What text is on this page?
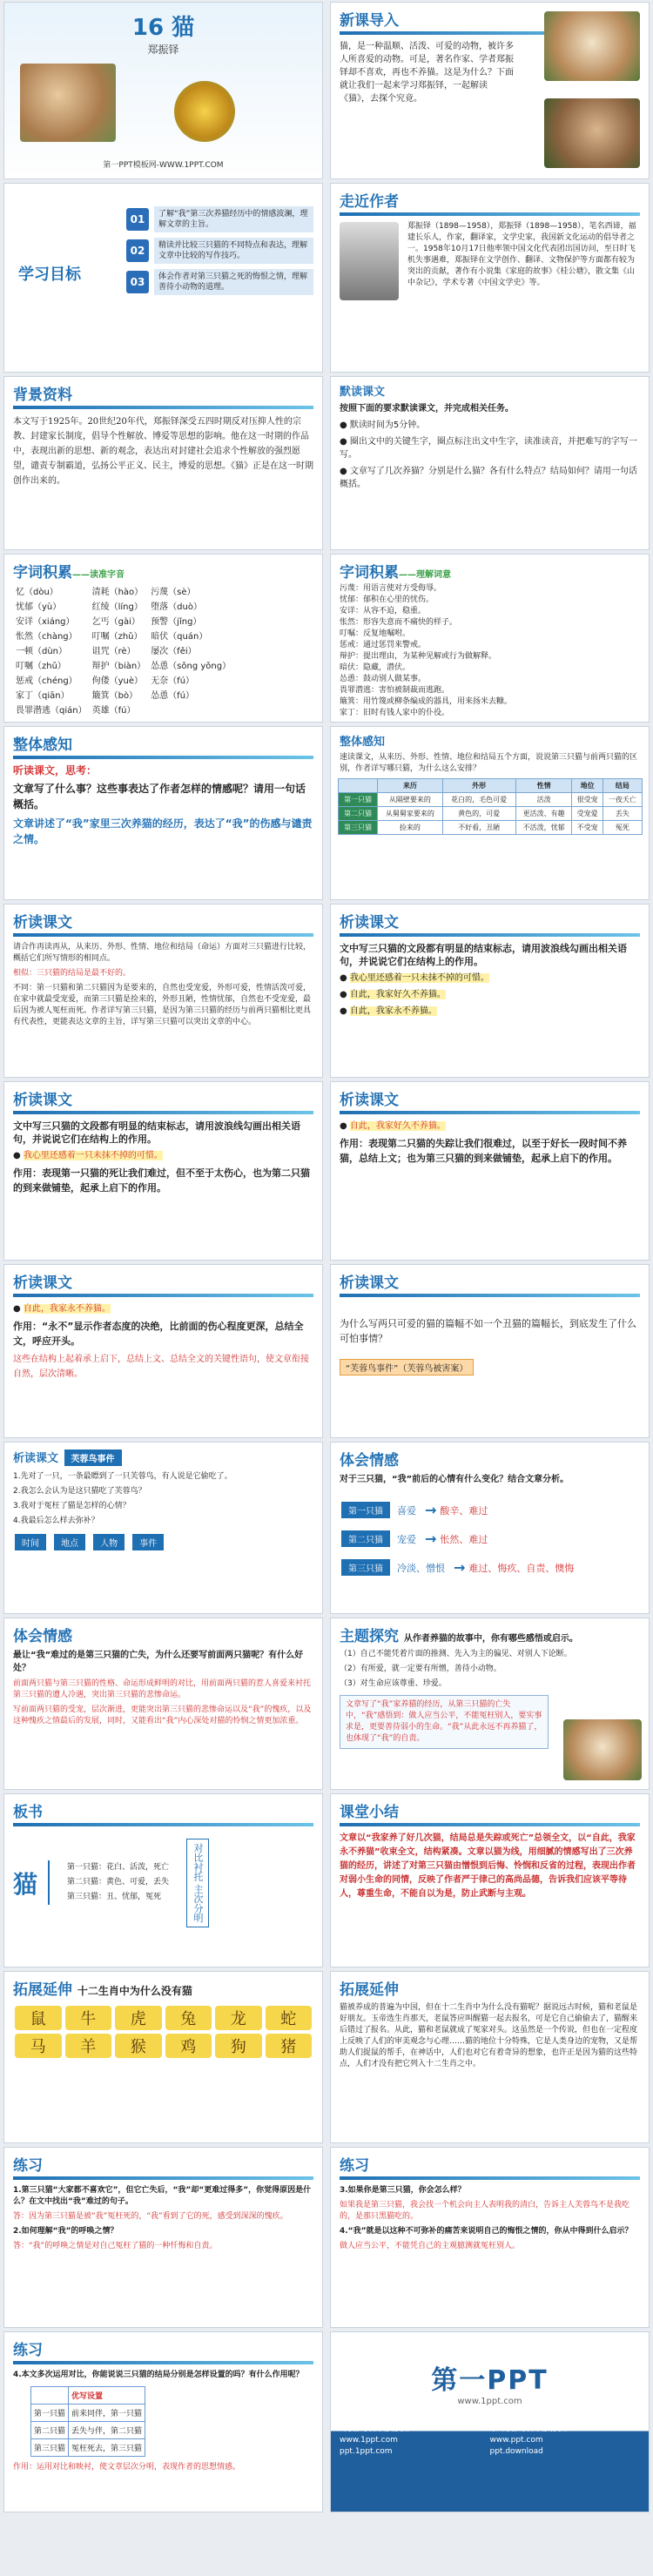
16 猫
郑振铎
第一PPT模板网-WWW.1PPT.COM
新课导入
猫，是一种温顺、活泼、可爱的动物，被许多人所喜爱的动物。可是，著名作家、学者郑振铎却不喜欢，再也不养猫。这是为什么？下面就让我们一起来学习郑振铎，一起解读《猫》，去探个究竟。
学习目标
01	了解“我”第三次养猫经历中的情感波澜，理解文章的主旨。
02	精读并比较三只猫的不同特点和表达，理解文章中比较的写作技巧。
03	体会作者对第三只猫之死的悔恨之情，理解善待小动物的道理。
走近作者
郑振铎（1898—1958），郑振铎（1898—1958），笔名西谛，福建长乐人，作家，翻译家，文学史家，我国新文化运动的倡导者之一。1958年10月17日他率领中国文化代表团出国访问，至日时飞机失事遇难，郑振铎在文学创作、翻译、文物保护等方面都有较为突出的贡献，著作有小说集《家庭的故事》《桂公塘》，散文集《山中杂记》，学术专著《中国文学史》等。
背景资料
本文写于1925年。20世纪20年代，郑振铎深受五四时期反对压抑人性的宗教、封建家长制度，倡导个性解放、博爱等思想的影响。他在这一时期的作品中，表现出新的思想、新的观念，表达出对封建社会追求个性解放的强烈愿望，谴责专制霸道，弘扬公平正义、民主，博爱的思想。《猫》正是在这一时期创作出来的。
默读课文
按照下面的要求默读课文，并完成相关任务。
● 默读时间为5分钟。
● 圈出文中的关键生字，圈点标注出文中生字，读准读音，并把难写的字写一写。
● 文章写了几次养猫？分别是什么猫？各有什么特点？结局如何？请用一句话概括。
字词积累——读准字音
忆（dòu）	清耗（hào）	污蔑（sè）
忧郁（yù）	红绫（líng）	堕落（duò）
安详（xiáng）	乞丐（gài）	预警（jǐng）
怅然（chàng）	叮嘱（zhǔ）	暗伏（quán）
一顿（dùn）	诅咒（rè）	屡次（fěi）
叮嘱（zhǔ）	辩护（biàn）	怂恿（sǒng yǒng）
惩戒（chéng）	佝偻（yuè）	无奈（fú）
家丁（qiān）	簸箕（bò）	怂恿（fú）
畏罪潜逃（qián）	英雄（fú）	
字词积累——理解词意
污蔑：用语言使对方受侮辱。
忧郁：郁积在心里的忧伤。
安详：从容不迫，稳重。
怅然：形容失意而不痛快的样子。
叮嘱：反复地嘱咐。
惩戒：通过惩罚来警戒。
辩护：提出理由，为某种见解或行为做解释。
暗伏：隐藏，潜伏。
怂恿：鼓动别人做某事。
畏罪潜逃：害怕被制裁而逃跑。
簸箕：用竹篾或柳条编成的器具，用来扬米去糠。
家丁：旧时有钱人家中的仆役。
整体感知
听读课文，思考：
文章写了什么事？这些事表达了作者怎样的情感呢？请用一句话概括。
文章讲述了“我”家里三次养猫的经历，表达了“我”的伤感与谴责之情。
整体感知
速读课文，从来历、外形、性情、地位和结局五个方面，说说第三只猫与前两只猫的区别，作者详写哪只猫，为什么这么安排？
	来历	外形	性情	地位	结局
第一只猫	从隔壁要来的	花白的，毛色可爱	活泼	很受宠	一夜夭亡
第二只猫	从舅舅家要来的	黄色的，可爱	更活泼、有趣	受宠爱	丢失
第三只猫	捡来的	不好看，丑陋	不活泼，忧郁	不受宠	冤死
析读课文
请合作再读再从，从来历、外形、性情、地位和结局（命运）方面对三只猫进行比较，概括它们所写情形的相同点。
相似：三只猫的结局是最不好的。
不同：第一只猫和第二只猫因为是要来的，自然也受宠爱，外形可爱，性情活泼可爱，在家中就最受宠爱，而第三只猫是捡来的，外形丑陋，性情忧郁，自然也不受宠爱，最后因为被人冤枉而死。作者详写第三只猫，是因为第三只猫的经历与前两只猫相比更具有代表性，更能表达文章的主旨，详写第三只猫可以突出文章的中心。
析读课文
文中写三只猫的文段都有明显的结束标志，请用波浪线勾画出相关语句，并说说它们在结构上的作用。
● 我心里还感着一只未抹不掉的可惜。
● 自此，我家好久不养猫。
● 自此，我家永不养猫。
析读课文
文中写三只猫的文段都有明显的结束标志，请用波浪线勾画出相关语句，并说说它们在结构上的作用。
● 我心里还感着一只未抹不掉的可惜。
作用：表现第一只猫的死让我们难过，但不至于太伤心，也为第二只猫的到来做铺垫，起承上启下的作用。
析读课文
● 自此，我家好久不养猫。
作用：表现第二只猫的失踪让我们很难过，以至于好长一段时间不养猫，总结上文；也为第三只猫的到来做铺垫，起承上启下的作用。
析读课文
● 自此，我家永不养猫。
作用：“永不”显示作者态度的决绝，比前面的伤心程度更深，总结全文，呼应开头。
这些在结构上起着承上启下，总结上文、总结全文的关键性语句，使文章衔接自然，层次清晰。
析读课文
为什么写两只可爱的猫的篇幅不如一个丑猫的篇幅长，到底发生了什么可怕事情？
“芙蓉鸟事件”（芙蓉鸟被害案）
析读课文 芙蓉鸟事件
1.先对了一只，一条最瞟到了一只芙蓉鸟，有人说是它偷吃了。
2.我怎么会认为是这只猫吃了芙蓉鸟？
3.我对于冤枉了猫是怎样的心情？
4.我最后怎么样去弥补？
时间	地点	人物	事件
体会情感
对于三只猫，“我”前后的心情有什么变化？结合文章分析。
第一只猫	喜爱 → 酸辛、难过
第二只猫	宠爱 → 怅然、难过
第三只猫	冷淡、憎恨 → 难过、悔疚、自责、懊悔
体会情感
最让“我”难过的是第三只猫的亡失，为什么还要写前面两只猫呢？有什么好处？
前面两只猫与第三只猫的性格、命运形成鲜明的对比，用前面两只猫的惹人喜爱来衬托第三只猫的遭人冷遇，突出第三只猫的悲惨命运。
写前面两只猫的受宠，层次渐进，更能突出第三只猫的悲惨命运以及“我”的愧疚，以及这种愧疚之情最后的发展，同时，又能看出“我”内心深处对猫的怜悯之情更加浓重。
主题探究 从作者养猫的故事中，你有哪些感悟或启示。
（1）自己不能凭着片面的推测、先入为主的偏见、对别人下论断。
（2）有所爱，就一定要有所憎，善待小动物。
（3）对生命应该尊重、珍爱。
文章写了“我”家养猫的经历，从第三只猫的亡失中，“我”感悟到：做人应当公平，不能冤枉别人，要实事求是，更要善待弱小的生命。“我”从此永远不再养猫了，也体现了“我”的自责。
板书
猫
第一只猫：花白、活泼，死亡
第二只猫：黄色、可爱，丢失
第三只猫：丑、忧郁，冤死	对比衬托 主次分明
课堂小结
文章以“我家养了好几次猫，结局总是失踪或死亡”总领全文，以“自此，我家永不养猫”收束全文，结构紧凑。文章以猫为线，用细腻的情感写出了三次养猫的经历，讲述了对第三只猫由憎恨到后悔、怜悯和反省的过程，表现出作者对弱小生命的同情，反映了作者严于律己的高尚品德，告诉我们应该平等待人，尊重生命，不能自以为是，防止武断与主观。
拓展延伸 十二生肖中为什么没有猫
鼠	牛	虎	兔	龙	蛇
马	羊	猴	鸡	狗	猪
拓展延伸
猫被养成的普遍为中国，但在十二生肖中为什么没有猫呢？据说远古时候，猫和老鼠是好朋友。玉帝选生肖那天，老鼠答应叫醒猫一起去报名，可是它自己偷偷去了，猫醒来后错过了报名。从此，猫和老鼠就成了冤家对头。这虽然是一个传说，但也在一定程度上反映了人们的审美观念与心理……猫的地位十分特殊，它是人类身边的宠物，又是帮助人们捉鼠的帮手，在神话中，人们也对它有着奇异的想象，也许正是因为猫的这些特点，人们才没有把它列入十二生肖之中。
练习
1.第三只猫“大家都不喜欢它”，但它亡失后，“我”却“更难过得多”，你觉得原因是什么？在文中找出“我”难过的句子。
答：因为第三只猫是被“我”冤枉死的，“我”看到了它的死，感受到深深的愧疚。
2.如何理解“我”的呼唤之情？
答：“我”的呼唤之情是对自己冤枉了猫的一种忏悔和自责。
练习
3.如果你是第三只猫，你会怎么样？
如果我是第三只猫，我会找一个机会向主人表明我的清白，告诉主人芙蓉鸟不是我吃的，是那只黑猫吃的。
4.“我”就是以这种不可弥补的痛苦来说明自己的悔恨之情的，你从中得到什么启示？
做人应当公平，不能凭自己的主观臆测就冤枉别人。
练习
4.本文多次运用对比，你能说说三只猫的结局分别是怎样设置的吗？有什么作用呢？
	优写设置
第一只猫	前来同伴，第一只猫
第二只猫	丢失与伴，第二只猫
第三只猫	冤枉死去，第三只猫
作用：运用对比和映衬，使文章层次分明，表现作者的思想情感。
第一PPT
www.1ppt.com
可以在以下网页使用
www.1ppt.com
ppt.1ppt.com
不可以在以下网页使用
www.ppt.com
ppt.download
